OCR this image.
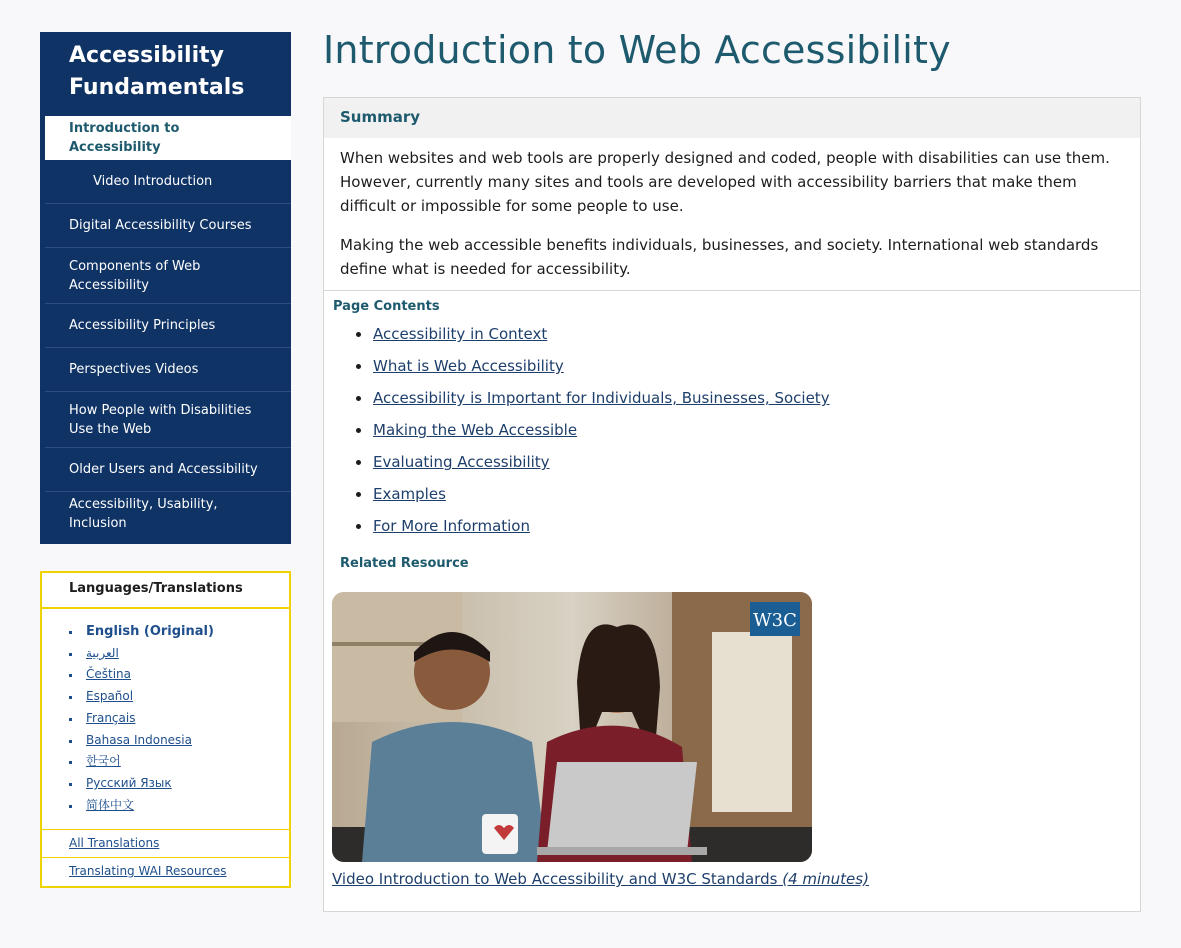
Accessibility Fundamentals
Introduction to Accessibility
Video Introduction
Digital Accessibility Courses
Components of Web Accessibility
Accessibility Principles
Perspectives Videos
How People with Disabilities Use the Web
Older Users and Accessibility
Accessibility, Usability, Inclusion
Languages/Translations
English (Original)
العربية
Čeština
Español
Français
Bahasa Indonesia
한국어
Русский Язык
简体中文
All Translations
Translating WAI Resources
Introduction to Web Accessibility
Summary

When websites and web tools are properly designed and coded, people with disabilities can use them. However, currently many sites and tools are developed with accessibility barriers that make them difficult or impossible for some people to use.

Making the web accessible benefits individuals, businesses, and society. International web standards define what is needed for accessibility.

Page Contents
Accessibility in Context
What is Web Accessibility
Accessibility is Important for Individuals, Businesses, Society
Making the Web Accessible
Evaluating Accessibility
Examples
For More Information
Related Resource
W3C
Video Introduction to Web Accessibility and W3C Standards (4 minutes)
